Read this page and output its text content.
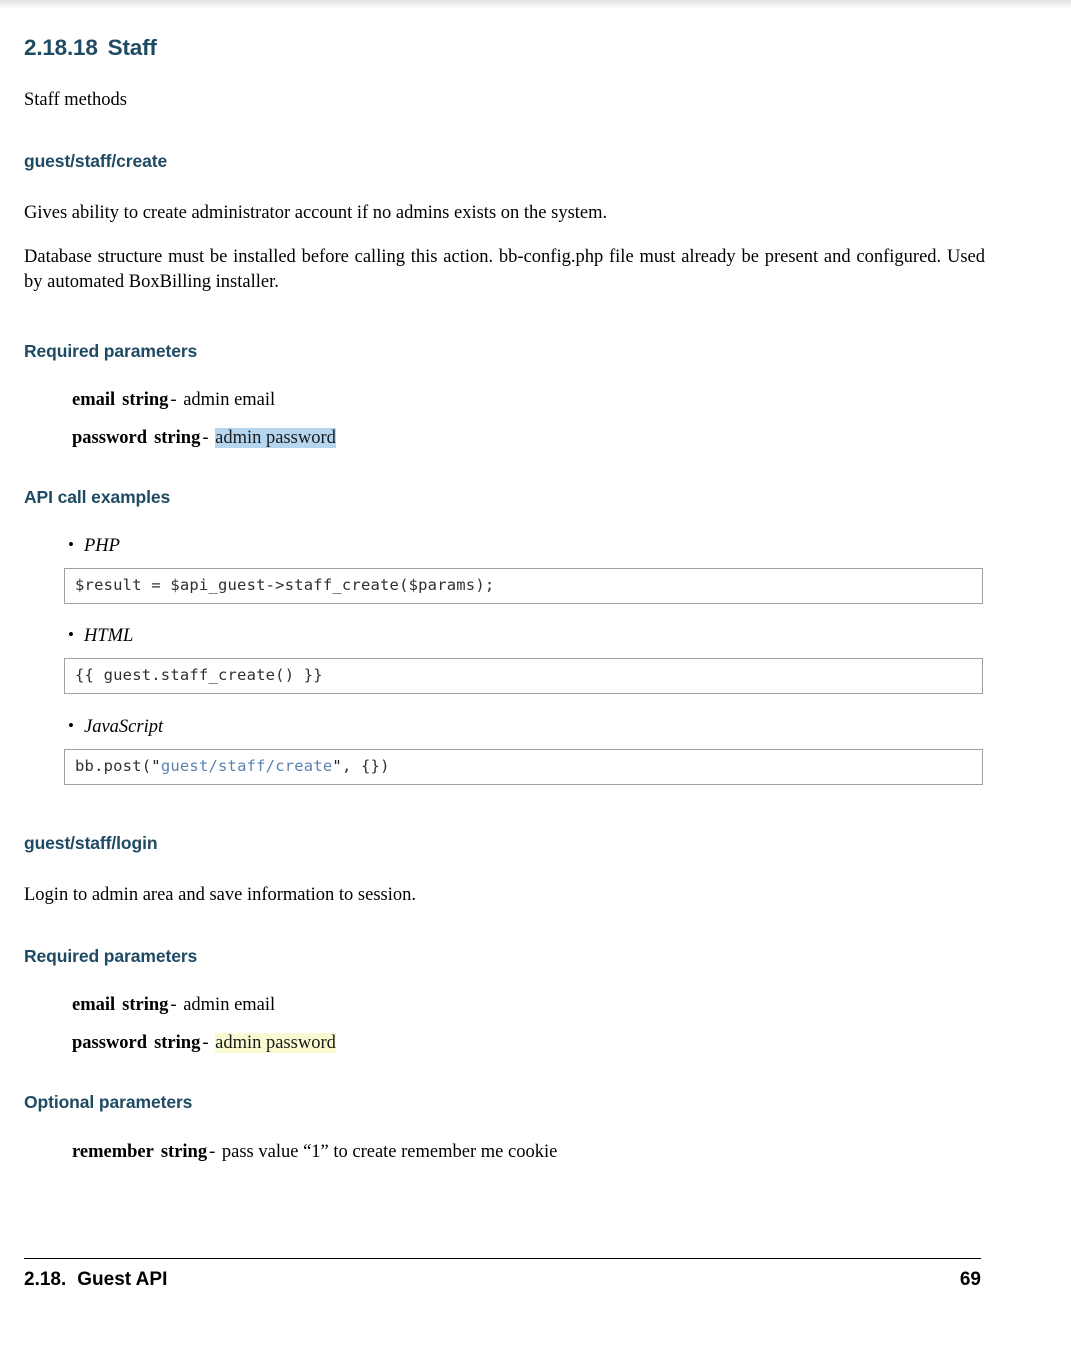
2.18.18 Staff

Staff methods

guest/staff/create

Gives ability to create administrator account if no admins exists on the system.

Database structure must be installed before calling this action. bb-config.php file must already be present and configured. Used by automated BoxBilling installer.

Required parameters
email string - admin email
password string - admin password
API call examples
• PHP
$result = $api_guest->staff_create($params);
• HTML
{{ guest.staff_create() }}
• JavaScript
bb.post("guest/staff/create", {})
guest/staff/login

Login to admin area and save information to session.

Required parameters
email string - admin email
password string - admin password
Optional parameters
remember string - pass value “1” to create remember me cookie
2.18. Guest API	69
